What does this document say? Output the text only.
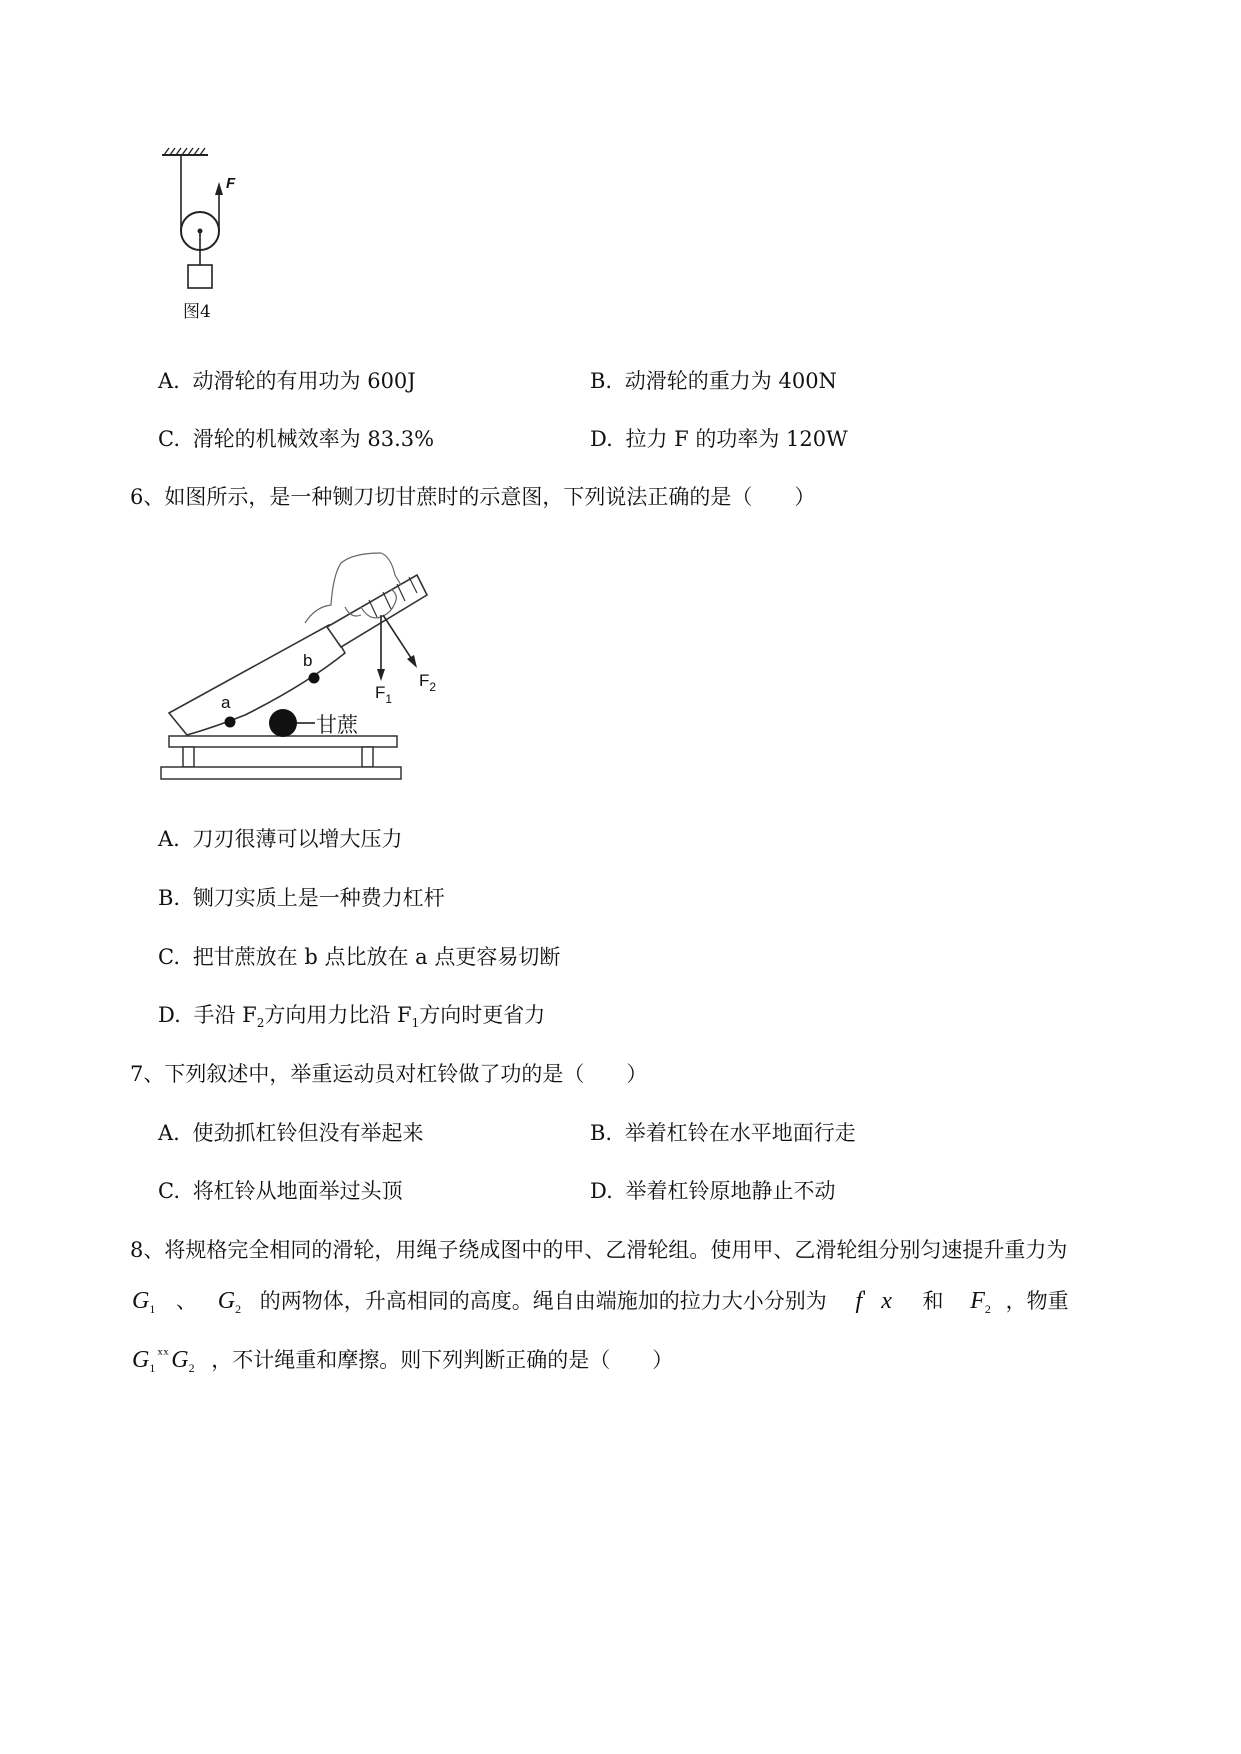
F
图4
A. 动滑轮的有用功为 600J	B. 动滑轮的重力为 400N
C. 滑轮的机械效率为 83.3%	D. 拉力 F 的功率为 120W
6、如图所示，是一种铡刀切甘蔗时的示意图，下列说法正确的是（　　）
a
b
甘蔗
$F_1$
$F_2$
A. 刀刃很薄可以增大压力
B. 铡刀实质上是一种费力杠杆
C. 把甘蔗放在 b 点比放在 a 点更容易切断
D. 手沿 $F_2$方向用力比沿 $F_1$方向时更省力
7、下列叙述中，举重运动员对杠铃做了功的是（　　）
A. 使劲抓杠铃但没有举起来	B. 举着杠铃在水平地面行走
C. 将杠铃从地面举过头顶	D. 举着杠铃原地静止不动
8、将规格完全相同的滑轮，用绳子绕成图中的甲、乙滑轮组。使用甲、乙滑轮组分别匀速提升重力为
$G_1$ 、 $G_2$ 的两物体，升高相同的高度。绳自由端施加的拉力大小分别为 f' x 和 $F_2$ ，物重
$G_1^{ˣˣ}G_2$ ，不计绳重和摩擦。则下列判断正确的是（　　）
